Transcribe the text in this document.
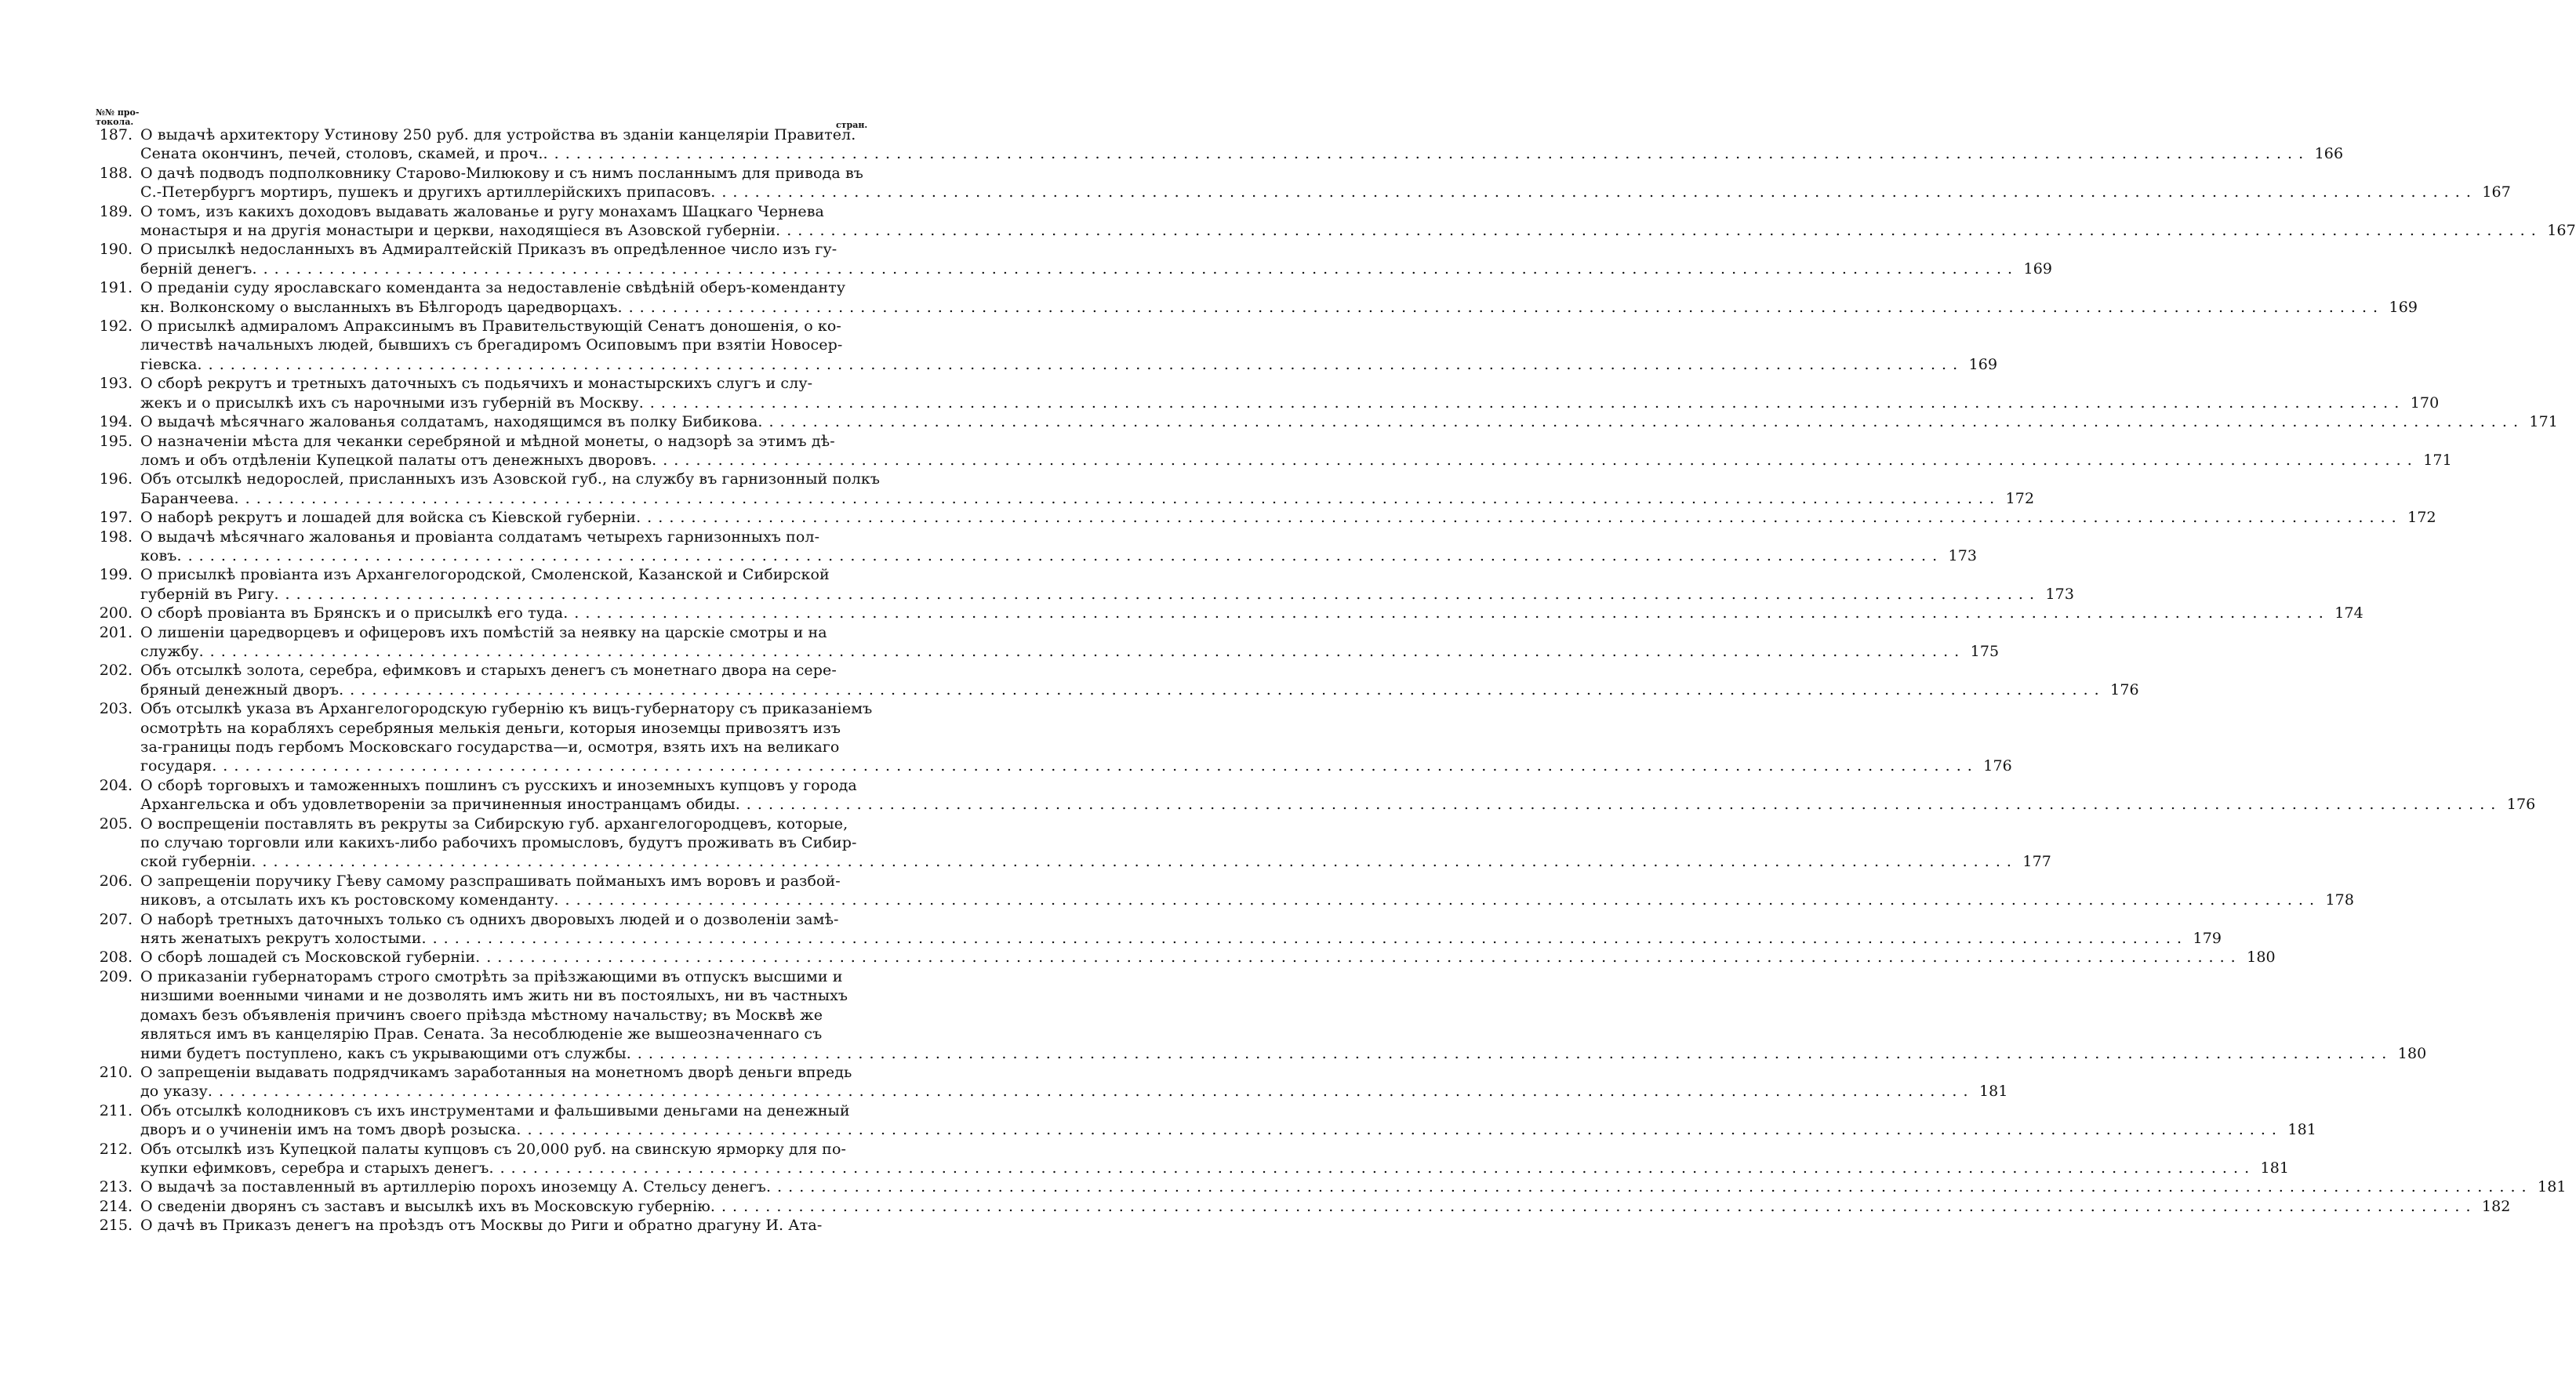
№№ про-
токола.	стран.
187. О выдачѣ архитектору Устинову 250 руб. для устройства въ зданіи канцеляріи Правител.
Сената окончинъ, печей, столовъ, скамей, и проч. . . . . . . . . . . . . . . . . . . . . . . . . . . . . . . . . . . . . . . . . . . . . . . . . . . . . . . . . . . . . . . . . . . . . . . . . . . . . . . . . . . . . . . . . . . . . . . . . . . . . . . . . . . . . . . . . . . . . . . . . . . . . . . . . . . . . . . . . . . . . . . . . . . . . . . . . . . . . . . . . 166
188. О дачѣ подводъ подполковнику Старово-Милюкову и съ нимъ посланнымъ для привода въ
С.-Петербургъ мортиръ, пушекъ и другихъ артиллерійскихъ припасовъ . . . . . . . . . . . . . . . . . . . . . . . . . . . . . . . . . . . . . . . . . . . . . . . . . . . . . . . . . . . . . . . . . . . . . . . . . . . . . . . . . . . . . . . . . . . . . . . . . . . . . . . . . . . . . . . . . . . . . . . . . . . . . . . . . . . . . . . . . . . . . . . . . . . . . . . . . . . . . . . . 167
189. О томъ, изъ какихъ доходовъ выдавать жалованье и ругу монахамъ Шацкаго Черневa
монастыря и на другія монастыри и церкви, находящіеся въ Азовской губерніи . . . . . . . . . . . . . . . . . . . . . . . . . . . . . . . . . . . . . . . . . . . . . . . . . . . . . . . . . . . . . . . . . . . . . . . . . . . . . . . . . . . . . . . . . . . . . . . . . . . . . . . . . . . . . . . . . . . . . . . . . . . . . . . . . . . . . . . . . . . . . . . . . . . . . . . . . . . . . . . . 167
190. О присылкѣ недосланныхъ въ Адмиралтейскій Приказъ въ опредѣленное число изъ гу-
берній денегъ . . . . . . . . . . . . . . . . . . . . . . . . . . . . . . . . . . . . . . . . . . . . . . . . . . . . . . . . . . . . . . . . . . . . . . . . . . . . . . . . . . . . . . . . . . . . . . . . . . . . . . . . . . . . . . . . . . . . . . . . . . . . . . . . . . . . . . . . . . . . . . . . . . . . . . . . . . . . . . . . 169
191. О преданіи суду ярославскаго коменданта за недоставленіе свѣдѣній оберъ-коменданту
кн. Волконскому о высланныхъ въ Бѣлгородъ царедворцахъ . . . . . . . . . . . . . . . . . . . . . . . . . . . . . . . . . . . . . . . . . . . . . . . . . . . . . . . . . . . . . . . . . . . . . . . . . . . . . . . . . . . . . . . . . . . . . . . . . . . . . . . . . . . . . . . . . . . . . . . . . . . . . . . . . . . . . . . . . . . . . . . . . . . . . . . . . . . . . . . . 169
192. О присылкѣ адмираломъ Апраксинымъ въ Правительствующій Сенатъ доношенія, о ко-
личествѣ начальныхъ людей, бывшихъ съ брегадиромъ Осиповымъ при взятіи Новосер-
гіевска . . . . . . . . . . . . . . . . . . . . . . . . . . . . . . . . . . . . . . . . . . . . . . . . . . . . . . . . . . . . . . . . . . . . . . . . . . . . . . . . . . . . . . . . . . . . . . . . . . . . . . . . . . . . . . . . . . . . . . . . . . . . . . . . . . . . . . . . . . . . . . . . . . . . . . . . . . . . . . . . 169
193. О сборѣ рекрутъ и третныхъ даточныхъ съ подьячихъ и монастырскихъ слугъ и слу-
жекъ и о присылкѣ ихъ съ нарочными изъ губерній въ Москву . . . . . . . . . . . . . . . . . . . . . . . . . . . . . . . . . . . . . . . . . . . . . . . . . . . . . . . . . . . . . . . . . . . . . . . . . . . . . . . . . . . . . . . . . . . . . . . . . . . . . . . . . . . . . . . . . . . . . . . . . . . . . . . . . . . . . . . . . . . . . . . . . . . . . . . . . . . . . . . . 170
194. О выдачѣ мѣсячнаго жалованья солдатамъ, находящимся въ полку Бибикова . . . . . . . . . . . . . . . . . . . . . . . . . . . . . . . . . . . . . . . . . . . . . . . . . . . . . . . . . . . . . . . . . . . . . . . . . . . . . . . . . . . . . . . . . . . . . . . . . . . . . . . . . . . . . . . . . . . . . . . . . . . . . . . . . . . . . . . . . . . . . . . . . . . . . . . . . . . . . . . . 171
195. О назначеніи мѣста для чеканки серебряной и мѣдной монеты, о надзорѣ за этимъ дѣ-
ломъ и объ отдѣленіи Купецкой палаты отъ денежныхъ дворовъ . . . . . . . . . . . . . . . . . . . . . . . . . . . . . . . . . . . . . . . . . . . . . . . . . . . . . . . . . . . . . . . . . . . . . . . . . . . . . . . . . . . . . . . . . . . . . . . . . . . . . . . . . . . . . . . . . . . . . . . . . . . . . . . . . . . . . . . . . . . . . . . . . . . . . . . . . . . . . . . . 171
196. Объ отсылкѣ недорослей, присланныхъ изъ Азовской губ., на службу въ гарнизонный полкъ
Баранчеева . . . . . . . . . . . . . . . . . . . . . . . . . . . . . . . . . . . . . . . . . . . . . . . . . . . . . . . . . . . . . . . . . . . . . . . . . . . . . . . . . . . . . . . . . . . . . . . . . . . . . . . . . . . . . . . . . . . . . . . . . . . . . . . . . . . . . . . . . . . . . . . . . . . . . . . . . . . . . . . . 172
197. О наборѣ рекрутъ и лошадей для войска съ Кіевской губерніи . . . . . . . . . . . . . . . . . . . . . . . . . . . . . . . . . . . . . . . . . . . . . . . . . . . . . . . . . . . . . . . . . . . . . . . . . . . . . . . . . . . . . . . . . . . . . . . . . . . . . . . . . . . . . . . . . . . . . . . . . . . . . . . . . . . . . . . . . . . . . . . . . . . . . . . . . . . . . . . . 172
198. О выдачѣ мѣсячнаго жалованья и провіанта солдатамъ четырехъ гарнизонныхъ пол-
ковъ . . . . . . . . . . . . . . . . . . . . . . . . . . . . . . . . . . . . . . . . . . . . . . . . . . . . . . . . . . . . . . . . . . . . . . . . . . . . . . . . . . . . . . . . . . . . . . . . . . . . . . . . . . . . . . . . . . . . . . . . . . . . . . . . . . . . . . . . . . . . . . . . . . . . . . . . . . . . . . . . 173
199. О присылкѣ провіанта изъ Архангелогородской, Смоленской, Казанской и Сибирской
губерній въ Ригу . . . . . . . . . . . . . . . . . . . . . . . . . . . . . . . . . . . . . . . . . . . . . . . . . . . . . . . . . . . . . . . . . . . . . . . . . . . . . . . . . . . . . . . . . . . . . . . . . . . . . . . . . . . . . . . . . . . . . . . . . . . . . . . . . . . . . . . . . . . . . . . . . . . . . . . . . . . . . . . . 173
200. О сборѣ провіанта въ Брянскъ и о присылкѣ его туда . . . . . . . . . . . . . . . . . . . . . . . . . . . . . . . . . . . . . . . . . . . . . . . . . . . . . . . . . . . . . . . . . . . . . . . . . . . . . . . . . . . . . . . . . . . . . . . . . . . . . . . . . . . . . . . . . . . . . . . . . . . . . . . . . . . . . . . . . . . . . . . . . . . . . . . . . . . . . . . . 174
201. О лишеніи царедворцевъ и офицеровъ ихъ помѣстій за неявку на царскіе смотры и на
службу . . . . . . . . . . . . . . . . . . . . . . . . . . . . . . . . . . . . . . . . . . . . . . . . . . . . . . . . . . . . . . . . . . . . . . . . . . . . . . . . . . . . . . . . . . . . . . . . . . . . . . . . . . . . . . . . . . . . . . . . . . . . . . . . . . . . . . . . . . . . . . . . . . . . . . . . . . . . . . . . 175
202. Объ отсылкѣ золота, серебра, ефимковъ и старыхъ денегъ съ монетнаго двора на сере-
бряный денежный дворъ . . . . . . . . . . . . . . . . . . . . . . . . . . . . . . . . . . . . . . . . . . . . . . . . . . . . . . . . . . . . . . . . . . . . . . . . . . . . . . . . . . . . . . . . . . . . . . . . . . . . . . . . . . . . . . . . . . . . . . . . . . . . . . . . . . . . . . . . . . . . . . . . . . . . . . . . . . . . . . . . 176
203. Объ отсылкѣ указа въ Архангелогородскую губернію къ вицъ-губернатору съ приказаніемъ
осмотрѣть на корабляхъ серебряныя мелькія деньги, которыя иноземцы привозятъ изъ
за-границы подъ гербомъ Московскаго государства—и, осмотря, взять ихъ на великаго
государя . . . . . . . . . . . . . . . . . . . . . . . . . . . . . . . . . . . . . . . . . . . . . . . . . . . . . . . . . . . . . . . . . . . . . . . . . . . . . . . . . . . . . . . . . . . . . . . . . . . . . . . . . . . . . . . . . . . . . . . . . . . . . . . . . . . . . . . . . . . . . . . . . . . . . . . . . . . . . . . . 176
204. О сборѣ торговыхъ и таможенныхъ пошлинъ съ русскихъ и иноземныхъ купцовъ у города
Архангельска и объ удовлетвореніи за причиненныя иностранцамъ обиды . . . . . . . . . . . . . . . . . . . . . . . . . . . . . . . . . . . . . . . . . . . . . . . . . . . . . . . . . . . . . . . . . . . . . . . . . . . . . . . . . . . . . . . . . . . . . . . . . . . . . . . . . . . . . . . . . . . . . . . . . . . . . . . . . . . . . . . . . . . . . . . . . . . . . . . . . . . . . . . . 176
205. О воспрещеніи поставлять въ рекруты за Сибирскую губ. архангелогородцевъ, которые,
по случаю торговли или какихъ-либо рабочихъ промысловъ, будутъ проживать въ Сибир-
ской губерніи . . . . . . . . . . . . . . . . . . . . . . . . . . . . . . . . . . . . . . . . . . . . . . . . . . . . . . . . . . . . . . . . . . . . . . . . . . . . . . . . . . . . . . . . . . . . . . . . . . . . . . . . . . . . . . . . . . . . . . . . . . . . . . . . . . . . . . . . . . . . . . . . . . . . . . . . . . . . . . . . 177
206. О запрещеніи поручику Гѣеву самому разспрашивать пойманыхъ имъ воровъ и разбой-
никовъ, а отсылать ихъ къ ростовскому коменданту . . . . . . . . . . . . . . . . . . . . . . . . . . . . . . . . . . . . . . . . . . . . . . . . . . . . . . . . . . . . . . . . . . . . . . . . . . . . . . . . . . . . . . . . . . . . . . . . . . . . . . . . . . . . . . . . . . . . . . . . . . . . . . . . . . . . . . . . . . . . . . . . . . . . . . . . . . . . . . . . 178
207. О наборѣ третныхъ даточныхъ только съ однихъ дворовыхъ людей и о дозволеніи замѣ-
нять женатыхъ рекрутъ холостыми . . . . . . . . . . . . . . . . . . . . . . . . . . . . . . . . . . . . . . . . . . . . . . . . . . . . . . . . . . . . . . . . . . . . . . . . . . . . . . . . . . . . . . . . . . . . . . . . . . . . . . . . . . . . . . . . . . . . . . . . . . . . . . . . . . . . . . . . . . . . . . . . . . . . . . . . . . . . . . . . 179
208. О сборѣ лошадей съ Московской губерніи . . . . . . . . . . . . . . . . . . . . . . . . . . . . . . . . . . . . . . . . . . . . . . . . . . . . . . . . . . . . . . . . . . . . . . . . . . . . . . . . . . . . . . . . . . . . . . . . . . . . . . . . . . . . . . . . . . . . . . . . . . . . . . . . . . . . . . . . . . . . . . . . . . . . . . . . . . . . . . . . 180
209. О приказаніи губернаторамъ строго смотрѣть за пріѣзжающими въ отпускъ высшими и
низшими военными чинами и не дозволять имъ жить ни въ постоялыхъ, ни въ частныхъ
домахъ безъ объявленія причинъ своего пріѣзда мѣстному начальству; въ Москвѣ же
являться имъ въ канцелярію Прав. Сената. За несоблюденіе же вышеозначеннаго съ
ними будетъ поступлено, какъ съ укрывающими отъ службы . . . . . . . . . . . . . . . . . . . . . . . . . . . . . . . . . . . . . . . . . . . . . . . . . . . . . . . . . . . . . . . . . . . . . . . . . . . . . . . . . . . . . . . . . . . . . . . . . . . . . . . . . . . . . . . . . . . . . . . . . . . . . . . . . . . . . . . . . . . . . . . . . . . . . . . . . . . . . . . . 180
210. О запрещеніи выдавать подрядчикамъ заработанныя на монетномъ дворѣ деньги впредь
до указу . . . . . . . . . . . . . . . . . . . . . . . . . . . . . . . . . . . . . . . . . . . . . . . . . . . . . . . . . . . . . . . . . . . . . . . . . . . . . . . . . . . . . . . . . . . . . . . . . . . . . . . . . . . . . . . . . . . . . . . . . . . . . . . . . . . . . . . . . . . . . . . . . . . . . . . . . . . . . . . . 181
211. Объ отсылкѣ колодниковъ съ ихъ инструментами и фальшивыми деньгами на денежный
дворъ и о учиненіи имъ на томъ дворѣ розыска . . . . . . . . . . . . . . . . . . . . . . . . . . . . . . . . . . . . . . . . . . . . . . . . . . . . . . . . . . . . . . . . . . . . . . . . . . . . . . . . . . . . . . . . . . . . . . . . . . . . . . . . . . . . . . . . . . . . . . . . . . . . . . . . . . . . . . . . . . . . . . . . . . . . . . . . . . . . . . . . 181
212. Объ отсылкѣ изъ Купецкой палаты купцовъ съ 20,000 руб. на свинскую ярморку для по-
купки ефимковъ, серебра и старыхъ денегъ . . . . . . . . . . . . . . . . . . . . . . . . . . . . . . . . . . . . . . . . . . . . . . . . . . . . . . . . . . . . . . . . . . . . . . . . . . . . . . . . . . . . . . . . . . . . . . . . . . . . . . . . . . . . . . . . . . . . . . . . . . . . . . . . . . . . . . . . . . . . . . . . . . . . . . . . . . . . . . . . 181
213. О выдачѣ за поставленный въ артиллерію порохъ иноземцу А. Стельсу денегъ . . . . . . . . . . . . . . . . . . . . . . . . . . . . . . . . . . . . . . . . . . . . . . . . . . . . . . . . . . . . . . . . . . . . . . . . . . . . . . . . . . . . . . . . . . . . . . . . . . . . . . . . . . . . . . . . . . . . . . . . . . . . . . . . . . . . . . . . . . . . . . . . . . . . . . . . . . . . . . . . 181
214. О сведеніи дворянъ съ заставъ и высылкѣ ихъ въ Московскую губернію . . . . . . . . . . . . . . . . . . . . . . . . . . . . . . . . . . . . . . . . . . . . . . . . . . . . . . . . . . . . . . . . . . . . . . . . . . . . . . . . . . . . . . . . . . . . . . . . . . . . . . . . . . . . . . . . . . . . . . . . . . . . . . . . . . . . . . . . . . . . . . . . . . . . . . . . . . . . . . . . 182
215. О дачѣ въ Приказъ денегъ на проѣздъ отъ Москвы до Риги и обратно драгуну И. Ата-
